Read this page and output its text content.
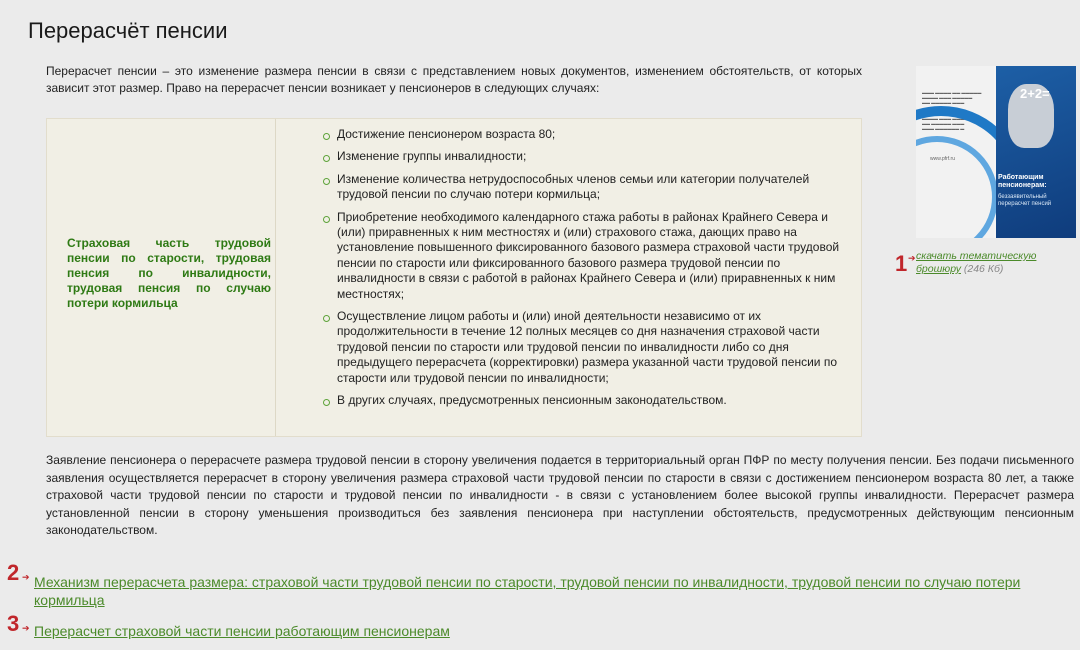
Перерасчёт пенсии

Перерасчет пенсии – это изменение размера пенсии в связи с представлением новых документов, изменением обстоятельств, от которых зависит этот размер. Право на перерасчет пенсии возникает у пенсионеров в следующих случаях:

Страховая часть трудовой пенсии по старости, трудовая пенсия по инвалидности, трудовая пенсия по случаю потери кормильца
Достижение пенсионером возраста 80;
Изменение группы инвалидности;
Изменение количества нетрудоспособных членов семьи или категории получателей трудовой пенсии по случаю потери кормильца;
Приобретение необходимого календарного стажа работы в районах Крайнего Севера и (или) приравненных к ним местностях и (или) страхового стажа, дающих право на установление повышенного фиксированного базового размера страховой части трудовой пенсии по старости или фиксированного базового размера трудовой пенсии по инвалидности в связи с работой в районах Крайнего Севера и (или) приравненных к ним местностях;
Осуществление лицом работы и (или) иной деятельности независимо от их продолжительности в течение 12 полных месяцев со дня назначения страховой части трудовой пенсии по старости или трудовой пенсии по инвалидности либо со дня предыдущего перерасчета (корректировки) размера указанной части трудовой пенсии по старости или трудовой пенсии по инвалидности;
В других случаях, предусмотренных пенсионным законодательством.

Заявление пенсионера о перерасчете размера трудовой пенсии в сторону увеличения подается в территориальный орган ПФР по месту получения пенсии. Без подачи письменного заявления осуществляется перерасчет в сторону увеличения размера страховой части трудовой пенсии по старости в связи с достижением пенсионером возраста 80 лет, а также страховой части трудовой пенсии по старости и трудовой пенсии по инвалидности - в связи с установлением более высокой группы инвалидности. Перерасчет размера установленной пенсии в сторону уменьшения производиться без заявления пенсионера при наступлении обстоятельств, предусмотренных действующим пенсионным законодательством.

▬▬▬ ▬▬▬▬ ▬▬ ▬▬▬▬▬
▬▬▬▬ ▬▬▬ ▬▬▬▬▬
▬▬ ▬▬▬▬▬ ▬▬▬
▬▬▬▬ ▬▬▬ ▬▬▬▬
▬▬ ▬▬▬▬▬ ▬▬▬
▬▬▬ ▬▬▬▬▬▬ ▬
www.pfrf.ru
2+2=
Работающим пенсионерам:
беззаявительный перерасчет пенсий
1 ➔ скачать тематическую брошюру (246 Кб)
2 ➔ Механизм перерасчета размера: страховой части трудовой пенсии по старости, трудовой пенсии по инвалидности, трудовой пенсии по случаю потери кормильца
3 ➔ Перерасчет страховой части пенсии работающим пенсионерам
